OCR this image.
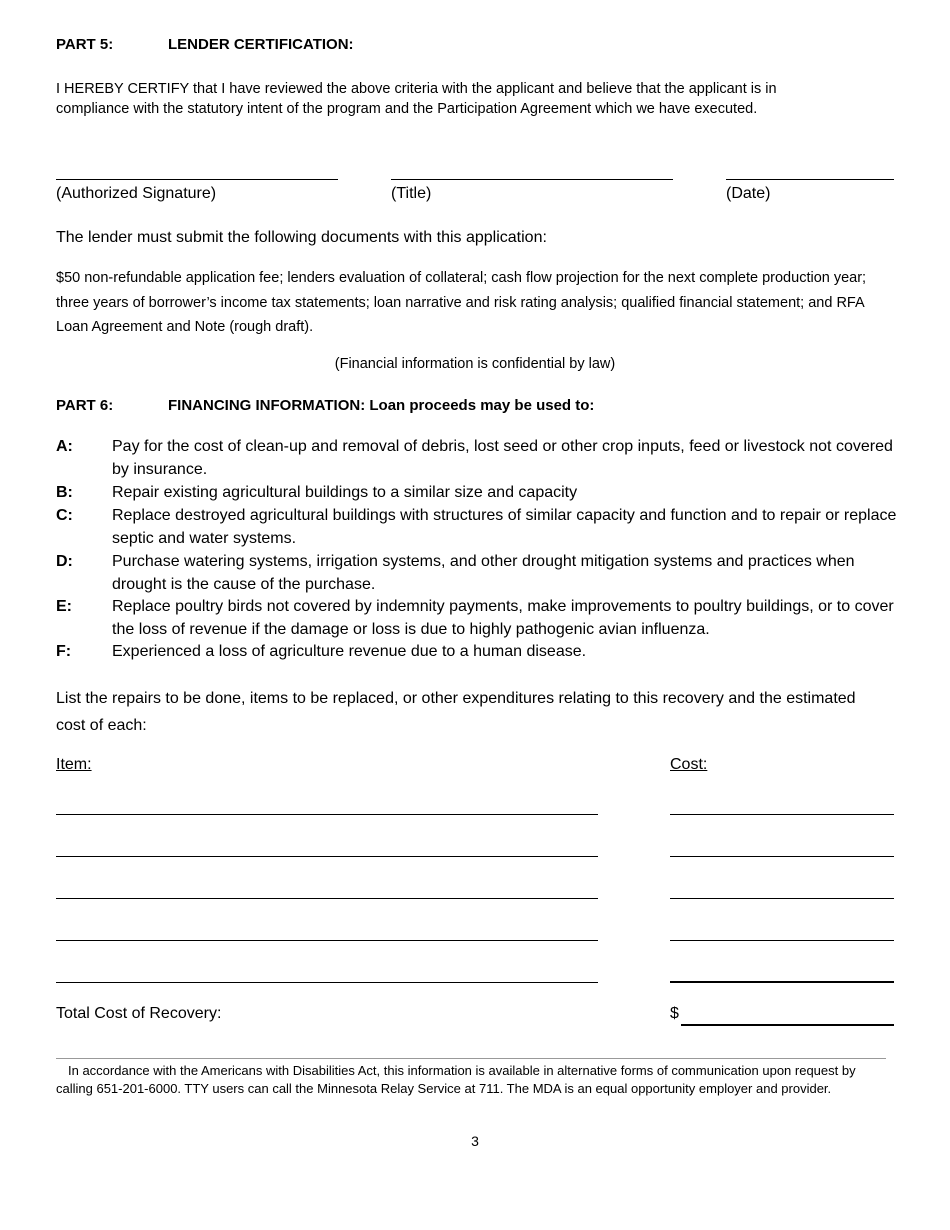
PART 5:	LENDER CERTIFICATION:
I HEREBY CERTIFY that I have reviewed the above criteria with the applicant and believe that the applicant is in compliance with the statutory intent of the program and the Participation Agreement which we have executed.
(Authorized Signature)	(Title)	(Date)
The lender must submit the following documents with this application:
$50 non-refundable application fee; lenders evaluation of collateral; cash flow projection for the next complete production year; three years of borrower’s income tax statements; loan narrative and risk rating analysis; qualified financial statement; and RFA Loan Agreement and Note (rough draft).
(Financial information is confidential by law)
PART 6:	FINANCING INFORMATION: Loan proceeds may be used to:
A: Pay for the cost of clean-up and removal of debris, lost seed or other crop inputs, feed or livestock not covered by insurance.
B: Repair existing agricultural buildings to a similar size and capacity
C: Replace destroyed agricultural buildings with structures of similar capacity and function and to repair or replace septic and water systems.
D: Purchase watering systems, irrigation systems, and other drought mitigation systems and practices when drought is the cause of the purchase.
E:	Replace poultry birds not covered by indemnity payments, make improvements to poultry buildings, or to cover the loss of revenue if the damage or loss is due to highly pathogenic avian influenza.
F:	Experienced a loss of agriculture revenue due to a human disease.
List the repairs to be done, items to be replaced, or other expenditures relating to this recovery and the estimated cost of each:
Item:	Cost:
Total Cost of Recovery:	$
In accordance with the Americans with Disabilities Act, this information is available in alternative forms of communication upon request by calling 651-201-6000. TTY users can call the Minnesota Relay Service at 711. The MDA is an equal opportunity employer and provider.
3
